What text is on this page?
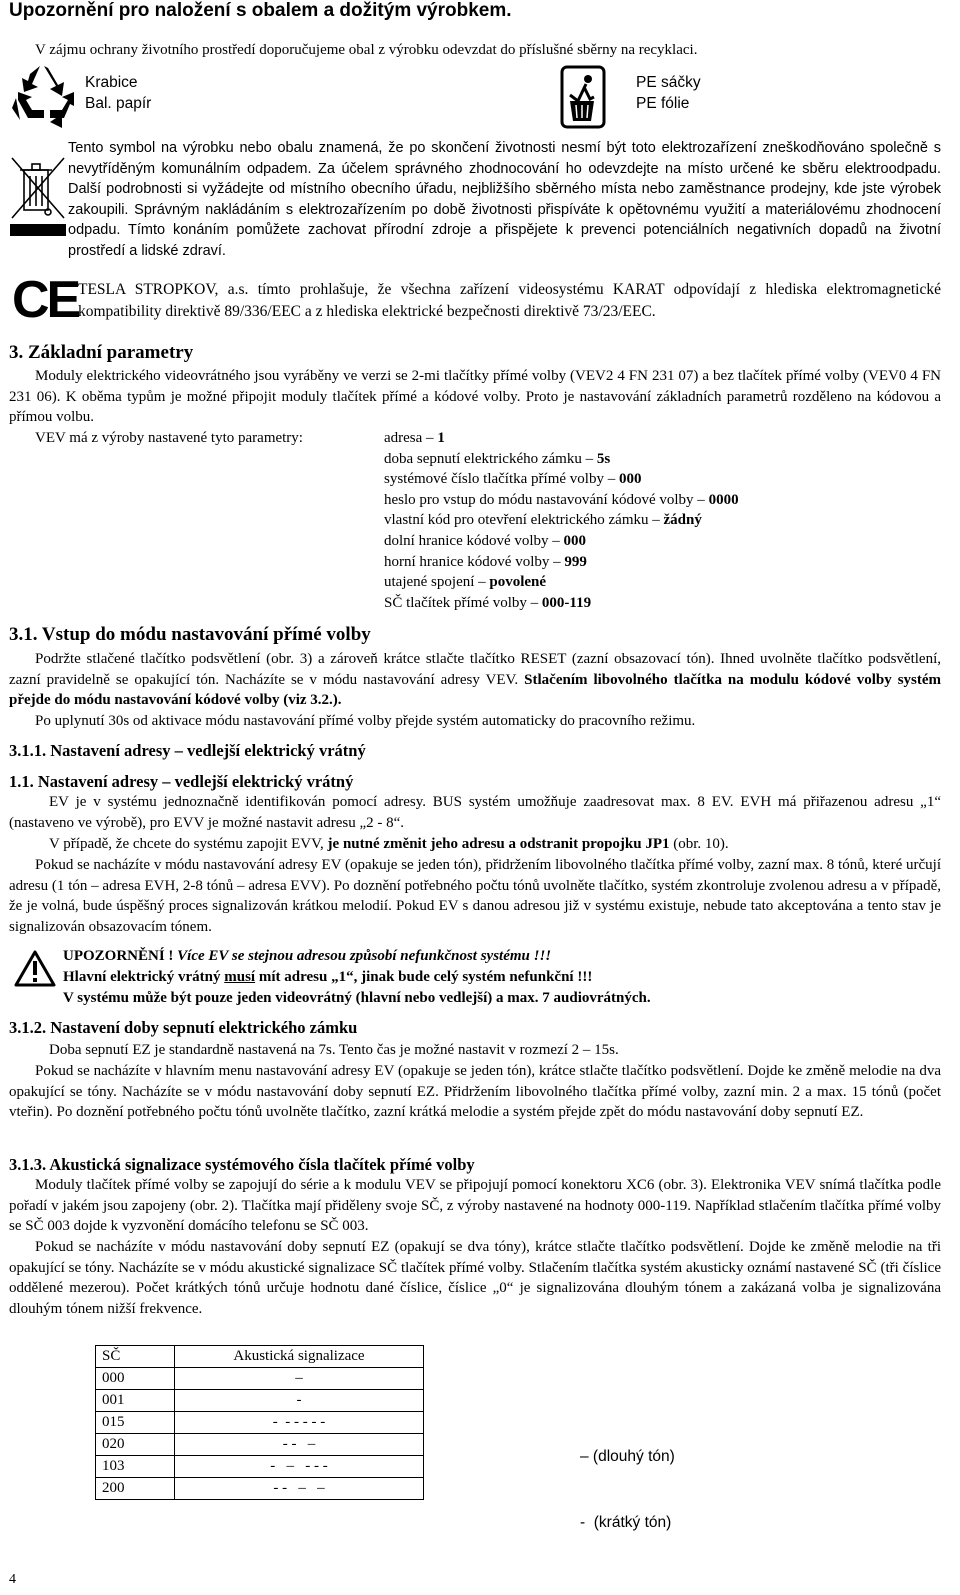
Upozornění pro naložení s obalem a dožitým výrobkem.
V zájmu ochrany životního prostředí doporučujeme obal z výrobku odevzdat do příslušné sběrny na recyklaci.
Krabice
Bal. papír
PE sáčky
PE fólie
Tento symbol na výrobku nebo obalu znamená, že po skončení životnosti nesmí být toto elektrozařízení zneškodňováno společně s nevytříděným komunálním odpadem. Za účelem správného zhodnocování ho odevzdejte na místo určené ke sběru elektroodpadu. Další podrobnosti si vyžádejte od místního obecního úřadu, nejbližšího sběrného místa nebo zaměstnance prodejny, kde jste výrobek zakoupili. Správným nakládáním s elektrozařízením po době životnosti přispíváte k opětovnému využití a materiálovému zhodnocení odpadu. Tímto konáním pomůžete zachovat přírodní zdroje a přispějete k prevenci potenciálních negativních dopadů na životní prostředí a lidské zdraví.
CE TESLA STROPKOV, a.s. tímto prohlašuje, že všechna zařízení videosystému KARAT odpovídají z hlediska elektromagnetické kompatibility direktivě 89/336/EEC a z hlediska elektrické bezpečnosti direktivě 73/23/EEC.
3. Základní parametry
Moduly elektrického videovrátného jsou vyráběny ve verzi se 2-mi tlačítky přímé volby (VEV2 4 FN 231 07) a bez tlačítek přímé volby (VEV0 4 FN 231 06). K oběma typům je možné připojit moduly tlačítek přímé a kódové volby. Proto je nastavování základních parametrů rozděleno na kódovou a přímou volbu.
VEV má z výroby nastavené tyto parametry:	adresa – 1
doba sepnutí elektrického zámku – 5s
systémové číslo tlačítka přímé volby – 000
heslo pro vstup do módu nastavování kódové volby – 0000
vlastní kód pro otevření elektrického zámku – žádný
dolní hranice kódové volby – 000
horní hranice kódové volby – 999
utajené spojení – povolené
SČ tlačítek přímé volby – 000-119
3.1. Vstup do módu nastavování přímé volby
Podržte stlačené tlačítko podsvětlení (obr. 3) a zároveň krátce stlačte tlačítko RESET (zazní obsazovací tón). Ihned uvolněte tlačítko podsvětlení, zazní pravidelně se opakující tón. Nacházíte se v módu nastavování adresy VEV. Stlačením libovolného tlačítka na modulu kódové volby systém přejde do módu nastavování kódové volby (viz 3.2.).
Po uplynutí 30s od aktivace módu nastavování přímé volby přejde systém automaticky do pracovního režimu.
3.1.1. Nastavení adresy – vedlejší elektrický vrátný
1.1. Nastavení adresy – vedlejší elektrický vrátný
EV je v systému jednoznačně identifikován pomocí adresy. BUS systém umožňuje zaadresovat max. 8 EV. EVH má přiřazenou adresu „1“ (nastaveno ve výrobě), pro EVV je možné nastavit adresu „2 - 8“.
V případě, že chcete do systému zapojit EVV, je nutné změnit jeho adresu a odstranit propojku JP1 (obr. 10).
Pokud se nacházíte v módu nastavování adresy EV (opakuje se jeden tón), přidržením libovolného tlačítka přímé volby, zazní max. 8 tónů, které určují adresu (1 tón – adresa EVH, 2-8 tónů – adresa EVV). Po doznění potřebného počtu tónů uvolněte tlačítko, systém zkontroluje zvolenou adresu a v případě, že je volná, bude úspěšný proces signalizován krátkou melodií. Pokud EV s danou adresou již v systému existuje, nebude tato akceptována a tento stav je signalizován obsazovacím tónem.
UPOZORNĚNÍ ! Více EV se stejnou adresou způsobí nefunkčnost systému !!!
Hlavní elektrický vrátný musí mít adresu „1“, jinak bude celý systém nefunkční !!!
V systému může být pouze jeden videovrátný (hlavní nebo vedlejší) a max. 7 audiovrátných.
3.1.2. Nastavení doby sepnutí elektrického zámku
Doba sepnutí EZ je standardně nastavená na 7s. Tento čas je možné nastavit v rozmezí 2 – 15s.
Pokud se nacházíte v hlavním menu nastavování adresy EV (opakuje se jeden tón), krátce stlačte tlačítko podsvětlení. Dojde ke změně melodie na dva opakující se tóny. Nacházíte se v módu nastavování doby sepnutí EZ. Přidržením libovolného tlačítka přímé volby, zazní min. 2 a max. 15 tónů (počet vteřin). Po doznění potřebného počtu tónů uvolněte tlačítko, zazní krátká melodie a systém přejde zpět do módu nastavování doby sepnutí EZ.
3.1.3. Akustická signalizace systémového čísla tlačítek přímé volby
Moduly tlačítek přímé volby se zapojují do série a k modulu VEV se připojují pomocí konektoru XC6 (obr. 3). Elektronika VEV snímá tlačítka podle pořadí v jakém jsou zapojeny (obr. 2). Tlačítka mají přiděleny svoje SČ, z výroby nastavené na hodnoty 000-119. Například stlačením tlačítka přímé volby se SČ 003 dojde k vyzvonění domácího telefonu se SČ 003.
Pokud se nacházíte v módu nastavování doby sepnutí EZ (opakují se dva tóny), krátce stlačte tlačítko podsvětlení. Dojde ke změně melodie na tři opakující se tóny. Nacházíte se v módu akustické signalizace SČ tlačítek přímé volby. Stlačením tlačítka systém akusticky oznámí nastavené SČ (tři číslice oddělené mezerou). Počet krátkých tónů určuje hodnotu dané číslice, číslice „0“ je signalizována dlouhým tónem a zakázaná volba je signalizována dlouhým tónem nižší frekvence.
SČ	Akustická signalizace
000	–
001	-
015	-  - - - - -
020	- -   –
103	-   –   - - -
200	- -   –   –

– (dlouhý tón)

-  (krátký tón)

4
